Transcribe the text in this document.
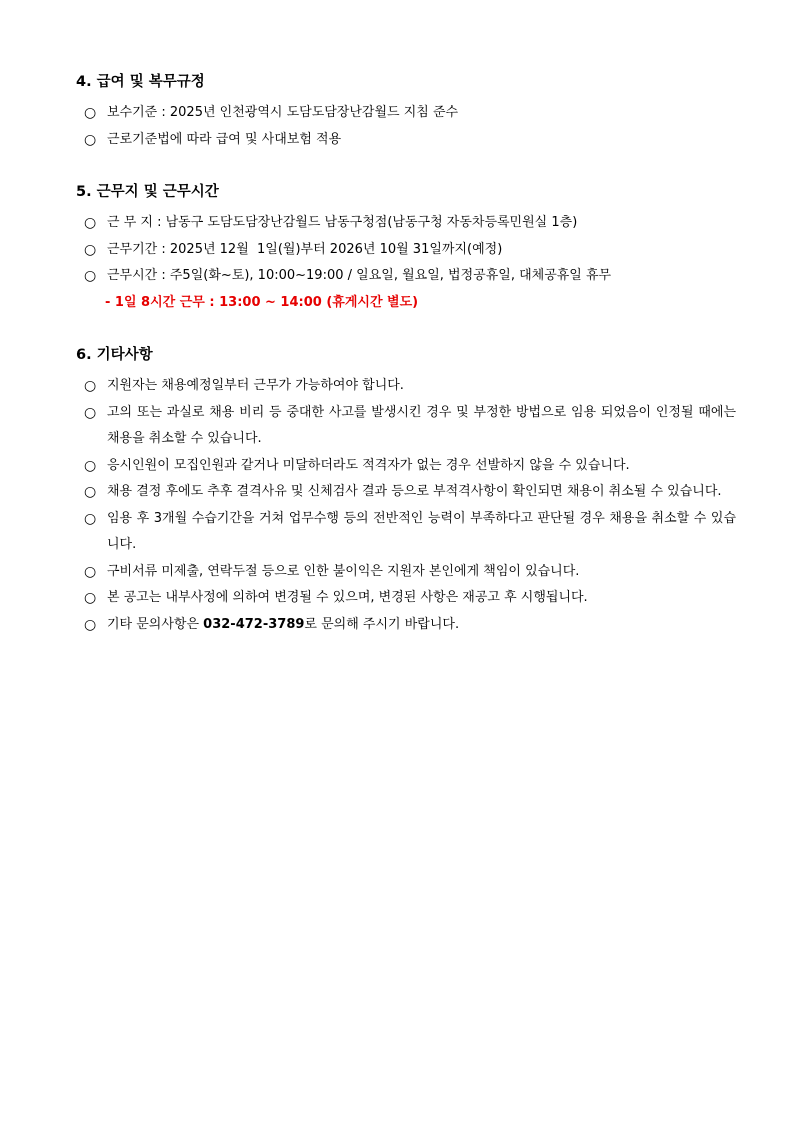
4. 급여 및 복무규정
○ 보수기준 : 2025년 인천광역시 도담도담장난감월드 지침 준수
○ 근로기준법에 따라 급여 및 사대보험 적용
5. 근무지 및 근무시간
○ 근 무 지 : 남동구 도담도담장난감월드 남동구청점(남동구청 자동차등록민원실 1층)
○ 근무기간 : 2025년 12월  1일(월)부터 2026년 10월 31일까지(예정)
○ 근무시간 : 주5일(화~토), 10:00~19:00 / 일요일, 월요일, 법정공휴일, 대체공휴일 휴무
- 1일 8시간 근무 : 13:00 ~ 14:00 (휴게시간 별도)
6. 기타사항
○ 지원자는 채용예정일부터 근무가 가능하여야 합니다.
○ 고의 또는 과실로 채용 비리 등 중대한 사고를 발생시킨 경우 및 부정한 방법으로 임용 되었음이 인정될 때에는 채용을 취소할 수 있습니다.
○ 응시인원이 모집인원과 같거나 미달하더라도 적격자가 없는 경우 선발하지 않을 수 있습니다.
○ 채용 결정 후에도 추후 결격사유 및 신체검사 결과 등으로 부적격사항이 확인되면 채용이 취소될 수 있습니다.
○ 임용 후 3개월 수습기간을 거쳐 업무수행 등의 전반적인 능력이 부족하다고 판단될 경우 채용을 취소할 수 있습니다.
○ 구비서류 미제출, 연락두절 등으로 인한 불이익은 지원자 본인에게 책임이 있습니다.
○ 본 공고는 내부사정에 의하여 변경될 수 있으며, 변경된 사항은 재공고 후 시행됩니다.
○ 기타 문의사항은 032-472-3789로 문의해 주시기 바랍니다.
